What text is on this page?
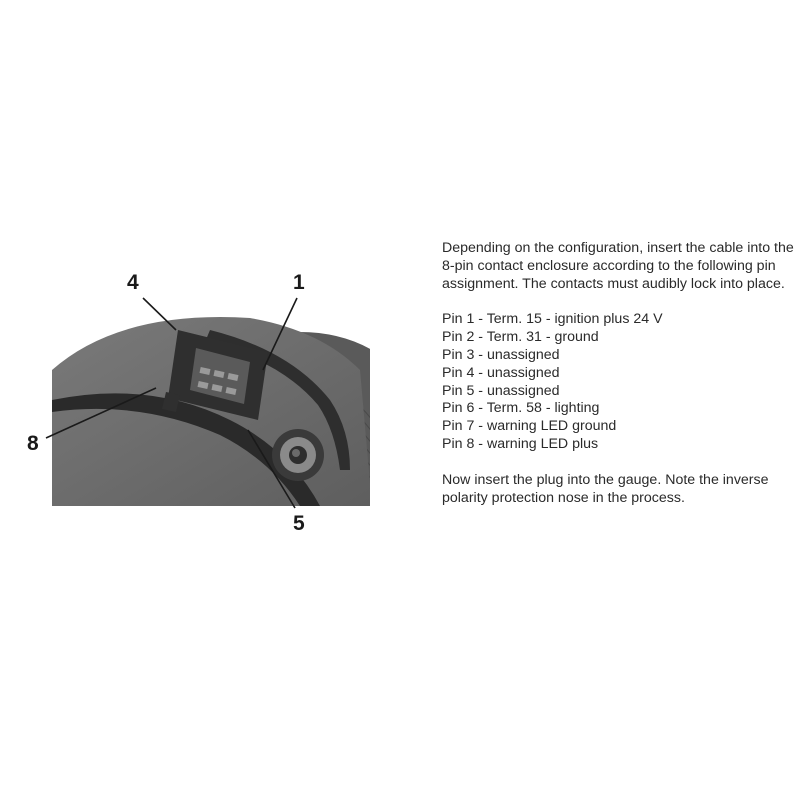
4	1
8
5

Depending on the configuration, insert the cable into the 8-pin contact enclosure according to the following pin assignment. The contacts must audibly lock into place.

Pin 1 - Term. 15 - ignition plus 24 V
Pin 2 - Term. 31 - ground
Pin 3 - unassigned
Pin 4 - unassigned
Pin 5 - unassigned
Pin 6 - Term. 58 - lighting
Pin 7 - warning LED ground
Pin 8 - warning LED plus

Now insert the plug into the gauge. Note the inverse polarity protection nose in the process.
